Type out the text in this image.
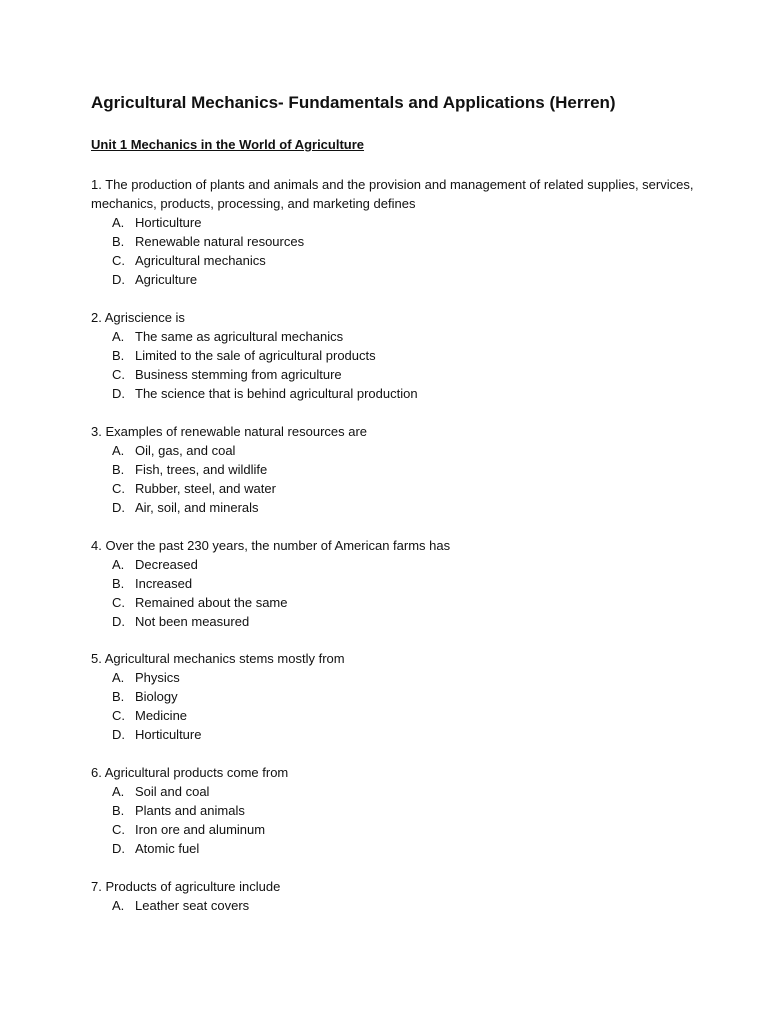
Agricultural Mechanics- Fundamentals and Applications (Herren)
Unit 1 Mechanics in the World of Agriculture

1. The production of plants and animals and the provision and management of related supplies, services, mechanics, products, processing, and marketing defines

A. Horticulture
B. Renewable natural resources
C. Agricultural mechanics
D. Agriculture

2. Agriscience is

A. The same as agricultural mechanics
B. Limited to the sale of agricultural products
C. Business stemming from agriculture
D. The science that is behind agricultural production

3. Examples of renewable natural resources are

A. Oil, gas, and coal
B. Fish, trees, and wildlife
C. Rubber, steel, and water
D. Air, soil, and minerals

4. Over the past 230 years, the number of American farms has

A. Decreased
B. Increased
C. Remained about the same
D. Not been measured

5. Agricultural mechanics stems mostly from

A. Physics
B. Biology
C. Medicine
D. Horticulture

6. Agricultural products come from

A. Soil and coal
B. Plants and animals
C. Iron ore and aluminum
D. Atomic fuel

7. Products of agriculture include

A. Leather seat covers
